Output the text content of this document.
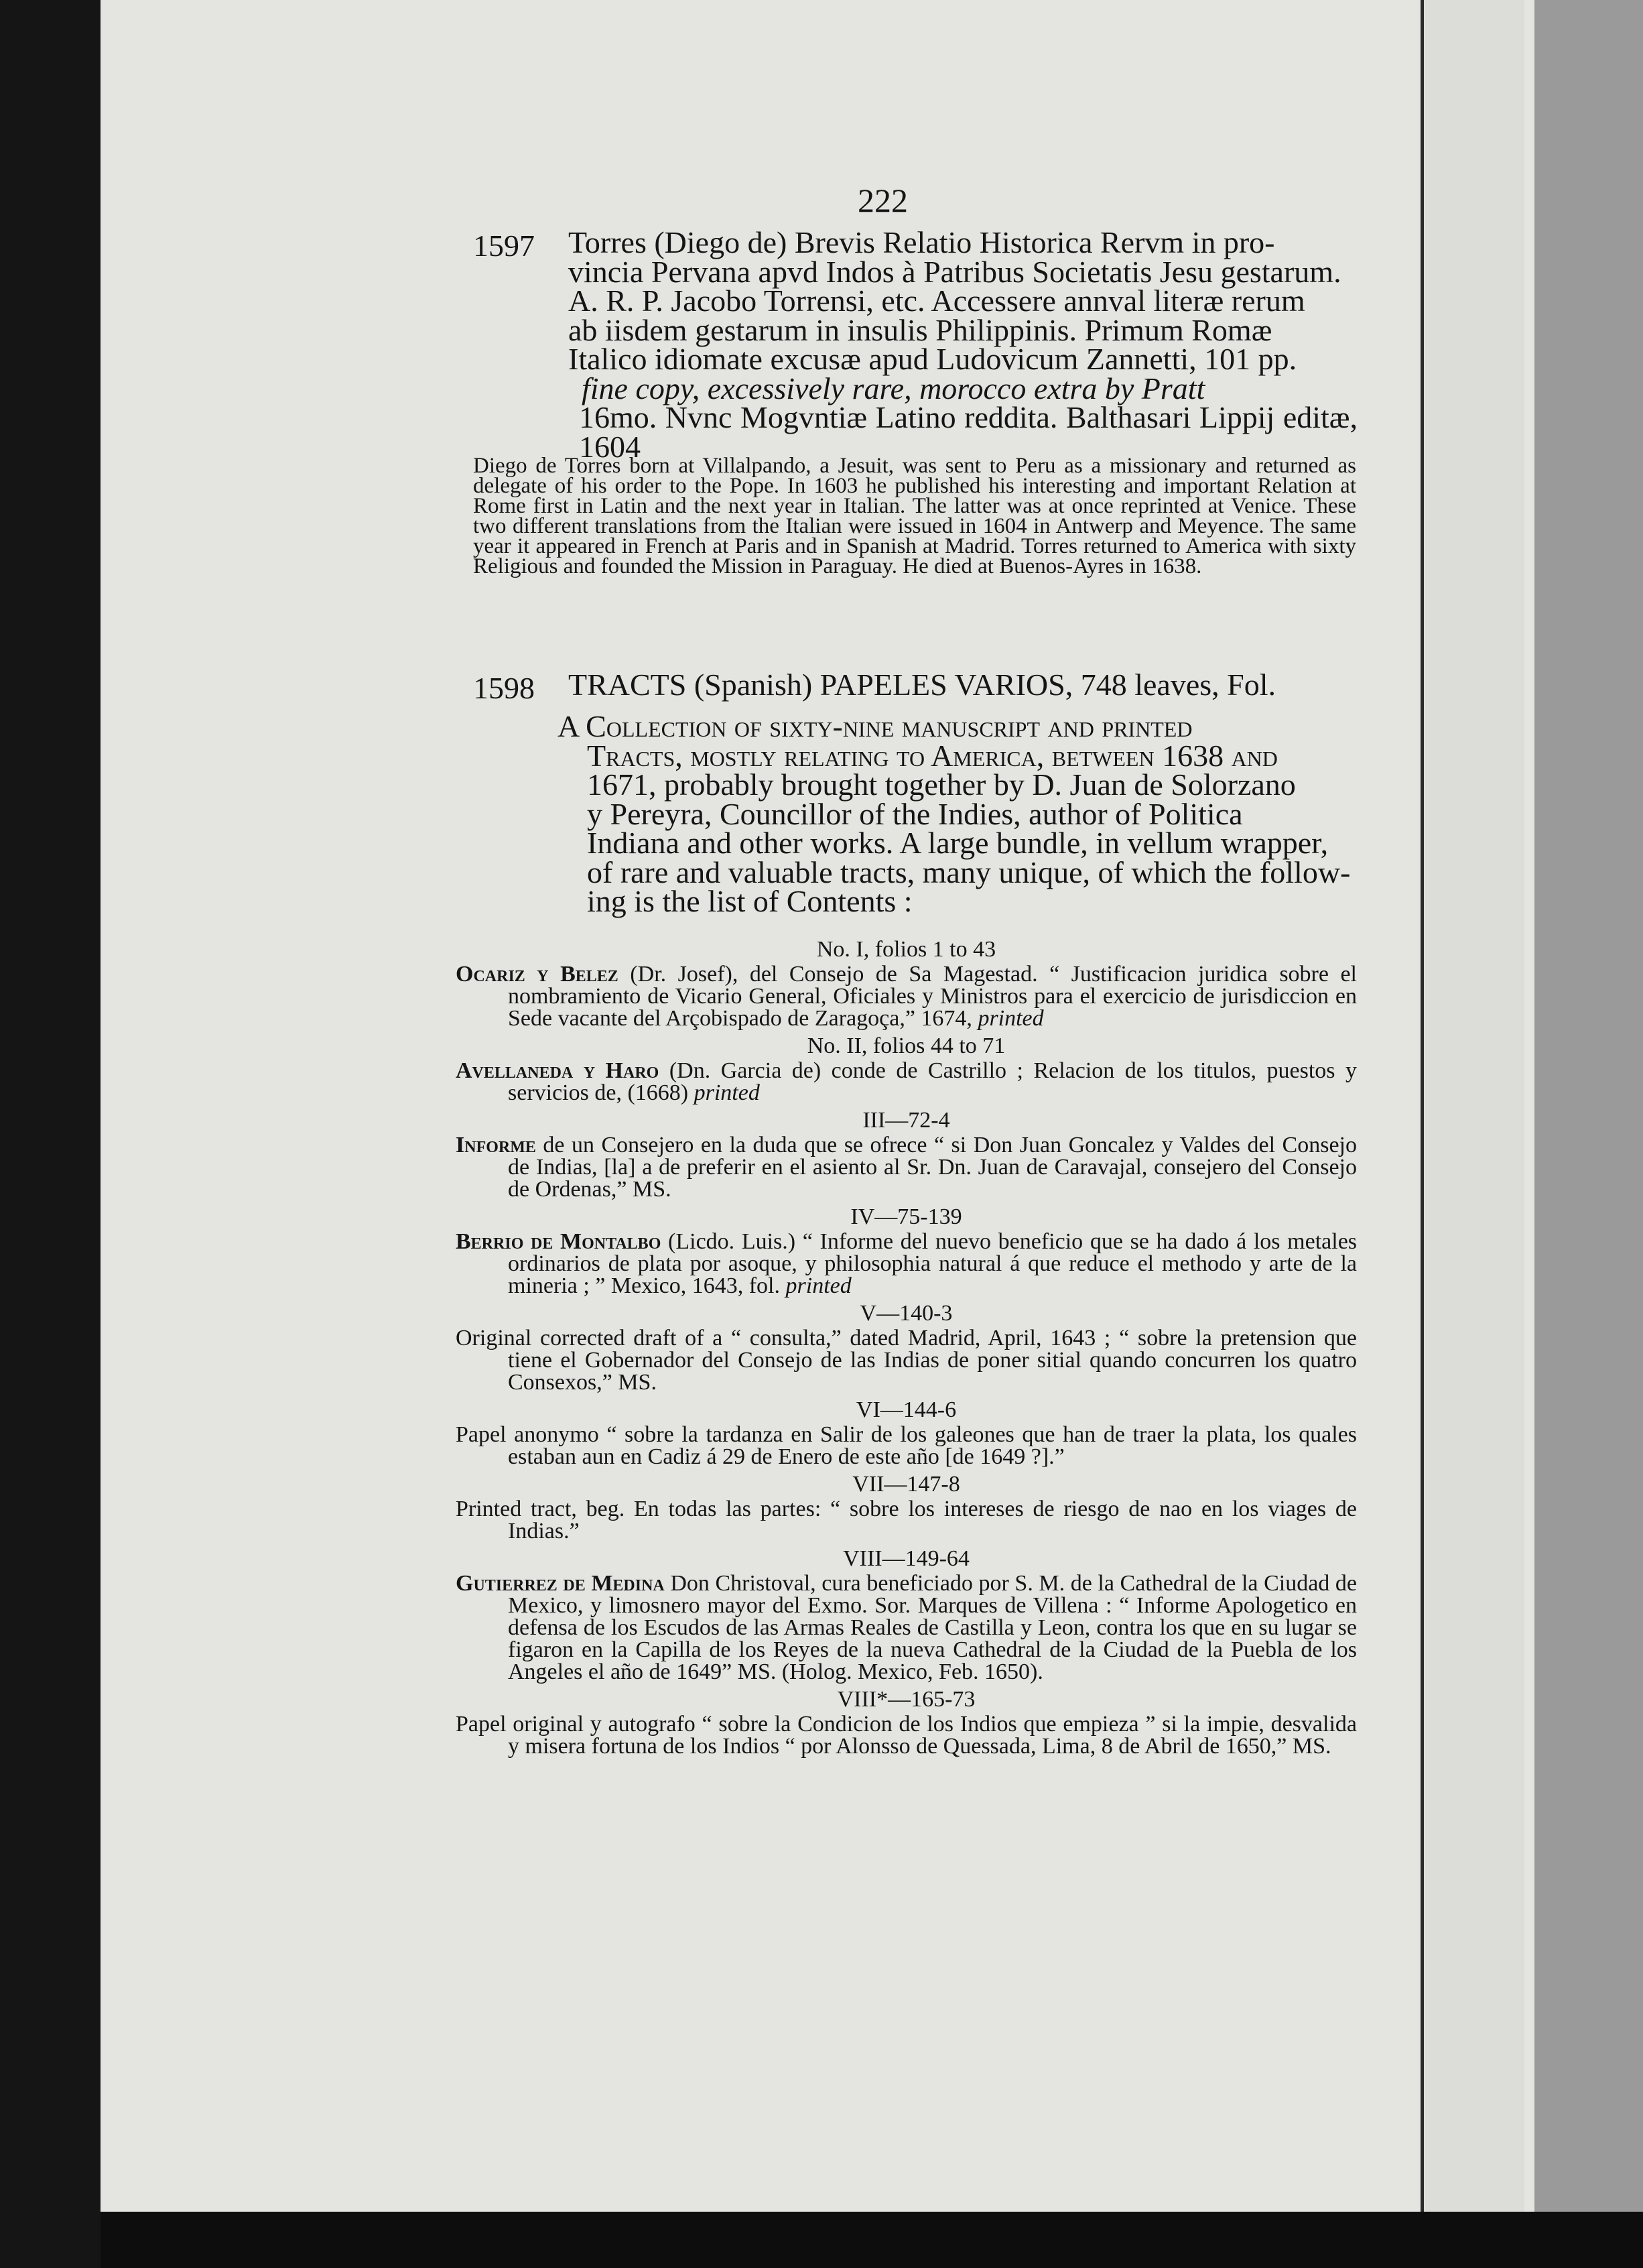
222
1597 Torres (Diego de) Brevis Relatio Historica Rervm in pro-
vincia Pervana apvd Indos à Patribus Societatis Jesu gestarum.
A. R. P. Jacobo Torrensi, etc. Accessere annval literæ rerum
ab iisdem gestarum in insulis Philippinis. Primum Romæ
Italico idiomate excusæ apud Ludovicum Zannetti, 101 pp.
fine copy, excessively rare, morocco extra by Pratt
16mo. Nvnc Mogvntiæ Latino reddita. Balthasari Lippij editæ, 1604
Diego de Torres born at Villalpando, a Jesuit, was sent to Peru as a missionary and returned as delegate of his order to the Pope. In 1603 he published his interesting and important Relation at Rome first in Latin and the next year in Italian. The latter was at once reprinted at Venice. These two different translations from the Italian were issued in 1604 in Antwerp and Meyence. The same year it appeared in French at Paris and in Spanish at Madrid. Torres returned to America with sixty Religious and founded the Mission in Paraguay. He died at Buenos-Ayres in 1638.
1598 TRACTS (Spanish) PAPELES VARIOS, 748 leaves, Fol.
A Collection of sixty-nine manuscript and printed
Tracts, mostly relating to America, between 1638 and
1671, probably brought together by D. Juan de Solorzano
y Pereyra, Councillor of the Indies, author of Politica
Indiana and other works. A large bundle, in vellum wrapper,
of rare and valuable tracts, many unique, of which the follow-
ing is the list of Contents :
No. I, folios 1 to 43
Ocariz y Belez (Dr. Josef), del Consejo de Sa Magestad. “ Justificacion juridica sobre el nombramiento de Vicario General, Oficiales y Ministros para el exercicio de jurisdiccion en Sede vacante del Arçobispado de Zaragoça,” 1674, printed
No. II, folios 44 to 71
Avellaneda y Haro (Dn. Garcia de) conde de Castrillo ; Relacion de los titulos, puestos y servicios de, (1668) printed
III—72-4
Informe de un Consejero en la duda que se ofrece “ si Don Juan Goncalez y Valdes del Consejo de Indias, [la] a de preferir en el asiento al Sr. Dn. Juan de Caravajal, consejero del Consejo de Ordenas,” MS.
IV—75-139
Berrio de Montalbo (Licdo. Luis.) “ Informe del nuevo beneficio que se ha dado á los metales ordinarios de plata por asoque, y philosophia natural á que reduce el methodo y arte de la mineria ; ” Mexico, 1643, fol. printed
V—140-3
Original corrected draft of a “ consulta,” dated Madrid, April, 1643 ; “ sobre la pretension que tiene el Gobernador del Consejo de las Indias de poner sitial quando concurren los quatro Consexos,” MS.
VI—144-6
Papel anonymo “ sobre la tardanza en Salir de los galeones que han de traer la plata, los quales estaban aun en Cadiz á 29 de Enero de este año [de 1649 ?].”
VII—147-8
Printed tract, beg. En todas las partes: “ sobre los intereses de riesgo de nao en los viages de Indias.”
VIII—149-64
Gutierrez de Medina Don Christoval, cura beneficiado por S. M. de la Cathedral de la Ciudad de Mexico, y limosnero mayor del Exmo. Sor. Marques de Villena : “ Informe Apologetico en defensa de los Escudos de las Armas Reales de Castilla y Leon, contra los que en su lugar se figaron en la Capilla de los Reyes de la nueva Cathedral de la Ciudad de la Puebla de los Angeles el año de 1649” MS. (Holog. Mexico, Feb. 1650).
VIII*—165-73
Papel original y autografo “ sobre la Condicion de los Indios que empieza ” si la impie, desvalida y misera fortuna de los Indios “ por Alonsso de Quessada, Lima, 8 de Abril de 1650,” MS.
